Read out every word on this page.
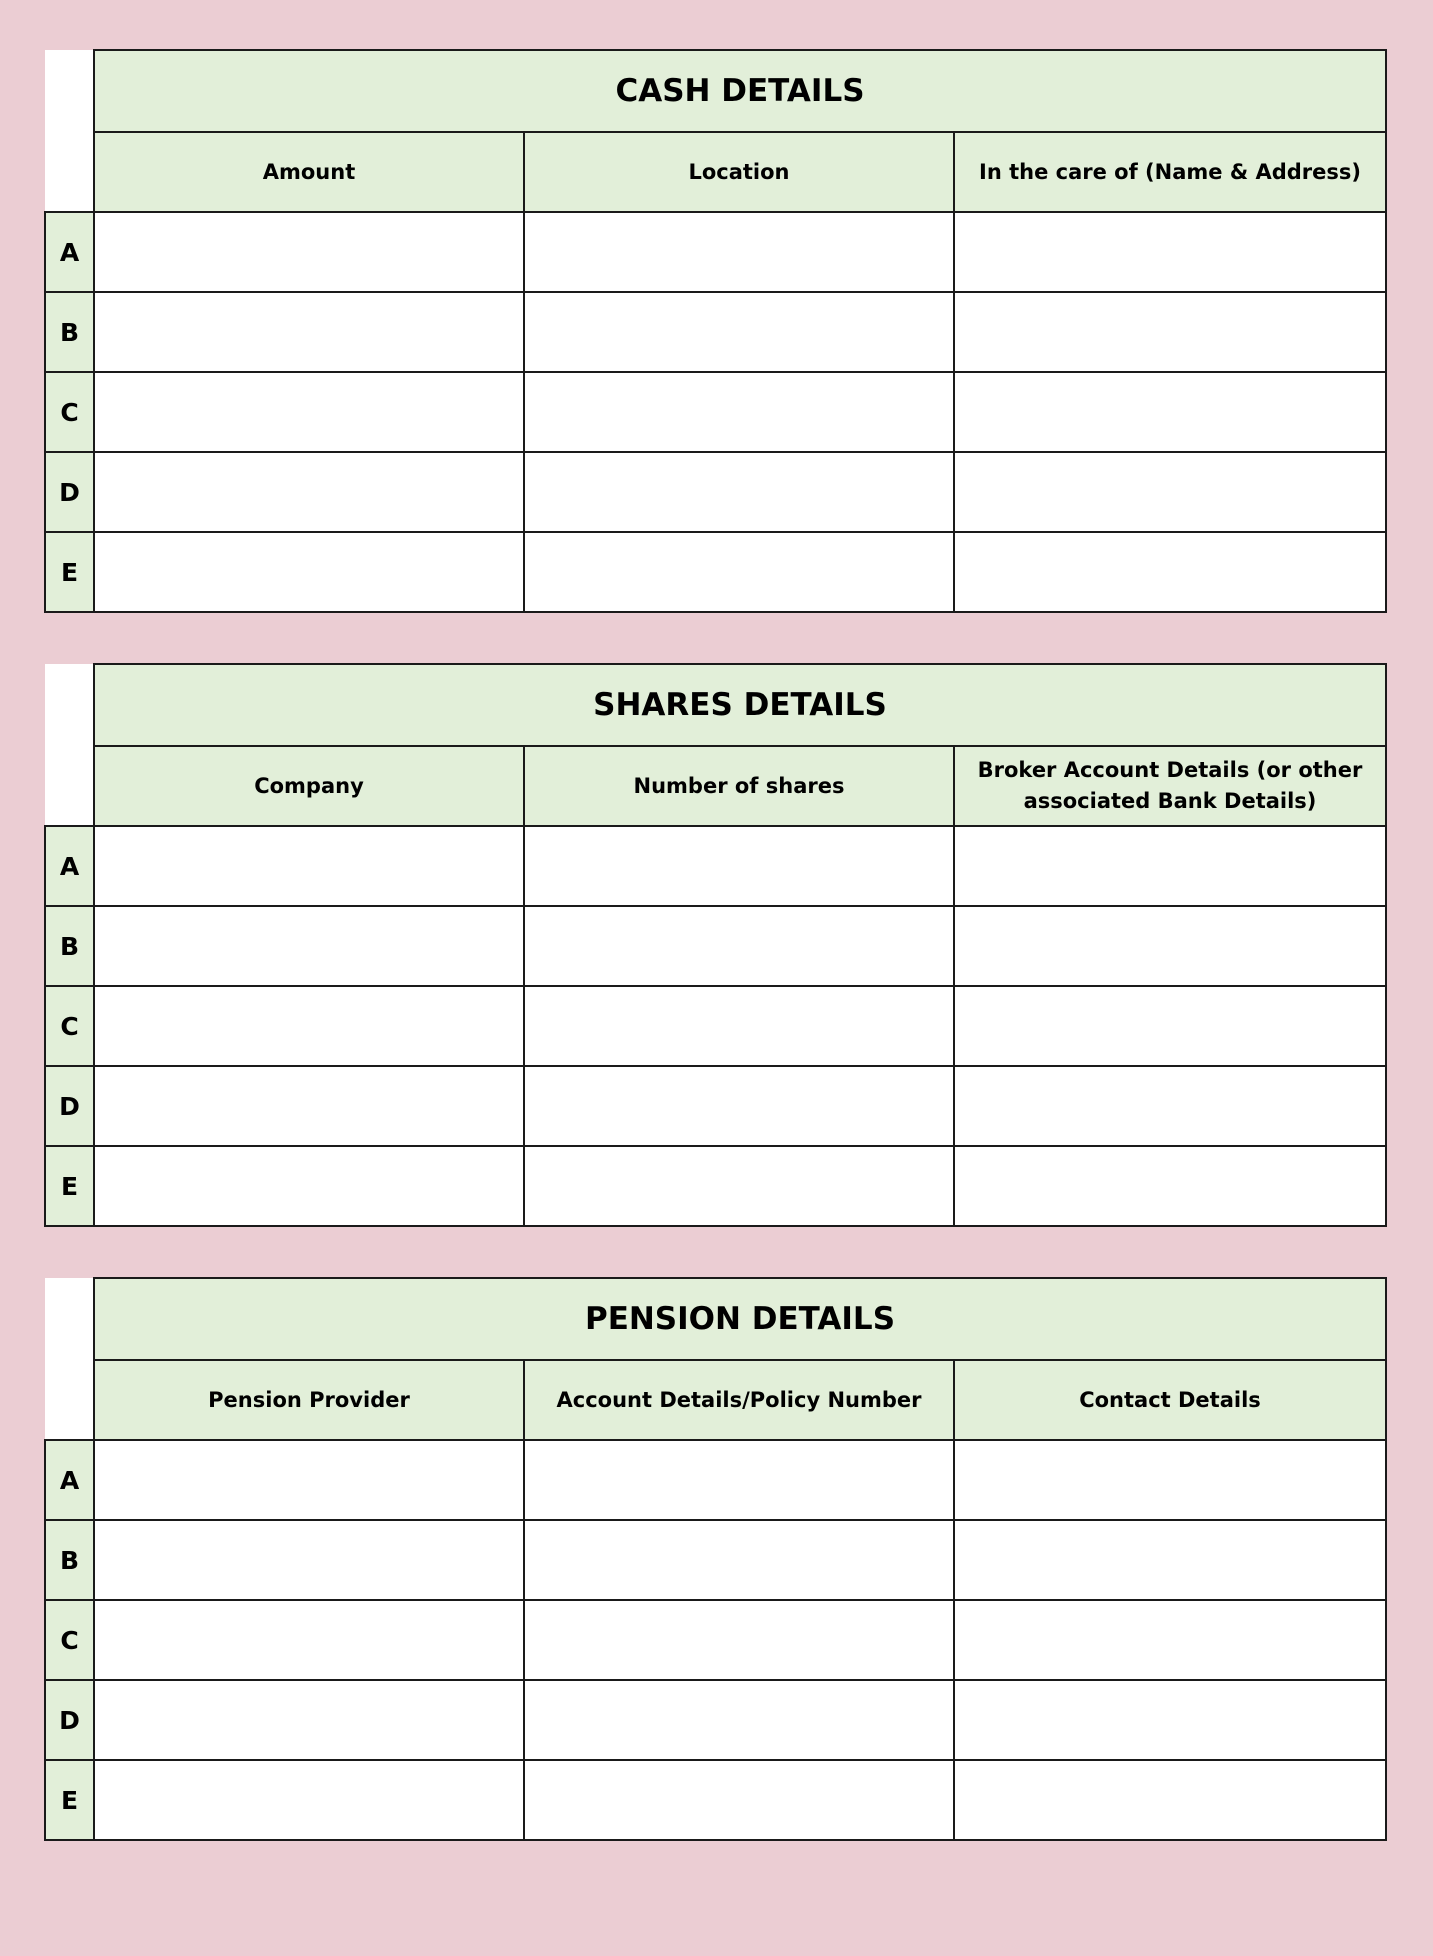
	CASH DETAILS		
	Amount	Location	In the care of (Name & Address)
A			
B			
C			
D			
E			
	SHARES DETAILS		
	Company	Number of shares	Broker Account Details (or other associated Bank Details)
A			
B			
C			
D			
E			
	PENSION DETAILS		
	Pension Provider	Account Details/Policy Number	Contact Details
A			
B			
C			
D			
E			
